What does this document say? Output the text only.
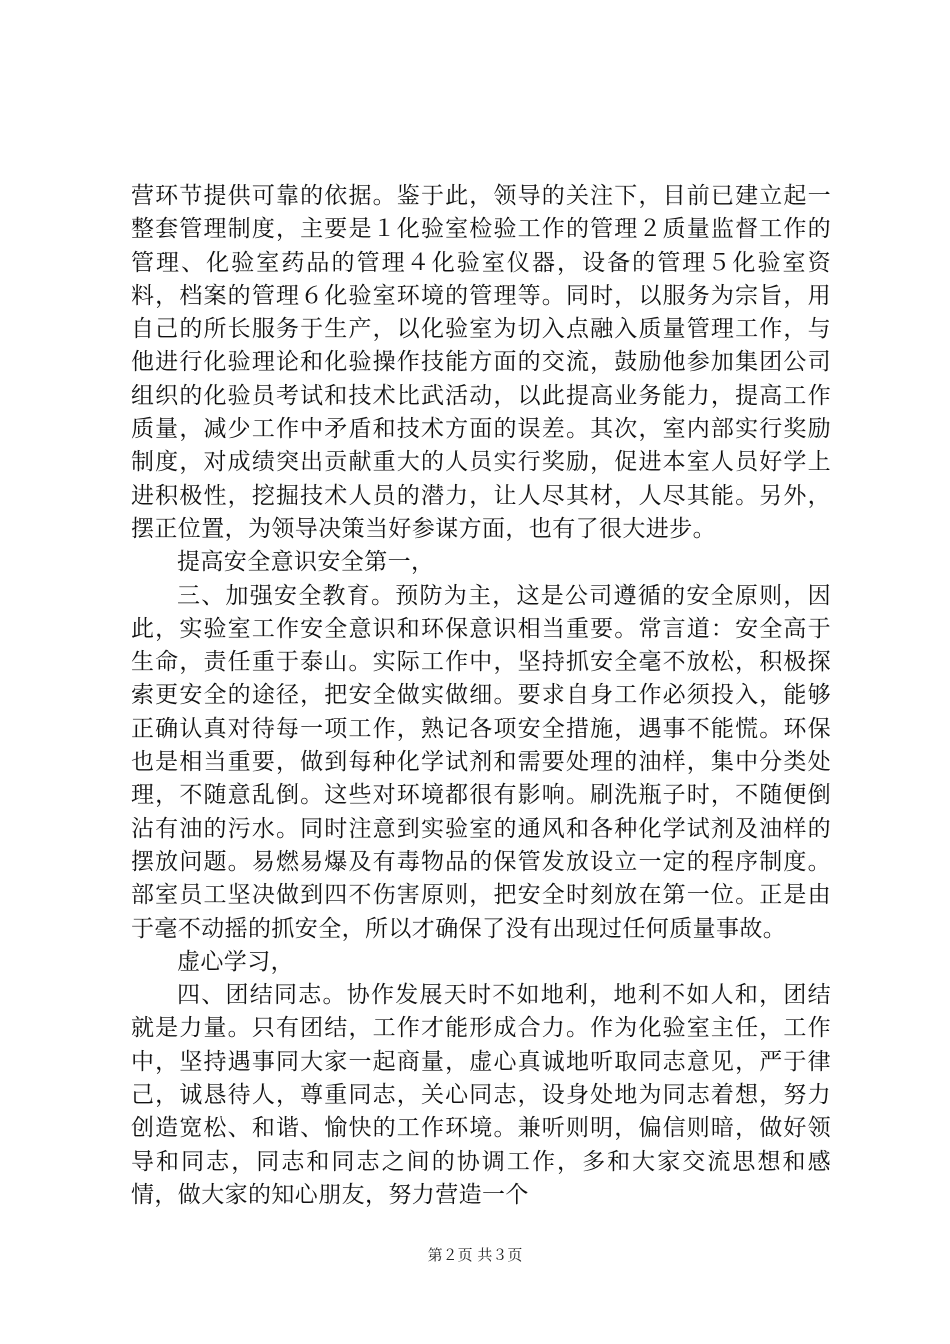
营环节提供可靠的依据。鉴于此，领导的关注下，目前已建立起一整套管理制度，主要是１化验室检验工作的管理２质量监督工作的管理、化验室药品的管理４化验室仪器，设备的管理５化验室资料，档案的管理６化验室环境的管理等。同时，以服务为宗旨，用自己的所长服务于生产，以化验室为切入点融入质量管理工作，与他进行化验理论和化验操作技能方面的交流，鼓励他参加集团公司组织的化验员考试和技术比武活动，以此提高业务能力，提高工作质量，减少工作中矛盾和技术方面的误差。其次，室内部实行奖励制度，对成绩突出贡献重大的人员实行奖励，促进本室人员好学上进积极性，挖掘技术人员的潜力，让人尽其材，人尽其能。另外，摆正位置，为领导决策当好参谋方面，也有了很大进步。

提高安全意识安全第一，

三、加强安全教育。预防为主，这是公司遵循的安全原则，因此，实验室工作安全意识和环保意识相当重要。常言道：安全高于生命，责任重于泰山。实际工作中，坚持抓安全毫不放松，积极探索更安全的途径，把安全做实做细。要求自身工作必须投入，能够正确认真对待每一项工作，熟记各项安全措施，遇事不能慌。环保也是相当重要，做到每种化学试剂和需要处理的油样，集中分类处理，不随意乱倒。这些对环境都很有影响。刷洗瓶子时，不随便倒沾有油的污水。同时注意到实验室的通风和各种化学试剂及油样的摆放问题。易燃易爆及有毒物品的保管发放设立一定的程序制度。部室员工坚决做到四不伤害原则，把安全时刻放在第一位。正是由于毫不动摇的抓安全，所以才确保了没有出现过任何质量事故。

虚心学习，

四、团结同志。协作发展天时不如地利，地利不如人和，团结就是力量。只有团结，工作才能形成合力。作为化验室主任，工作中，坚持遇事同大家一起商量，虚心真诚地听取同志意见，严于律己，诚恳待人，尊重同志，关心同志，设身处地为同志着想，努力创造宽松、和谐、愉快的工作环境。兼听则明，偏信则暗，做好领导和同志，同志和同志之间的协调工作，多和大家交流思想和感情，做大家的知心朋友，努力营造一个

第２页 共３页
